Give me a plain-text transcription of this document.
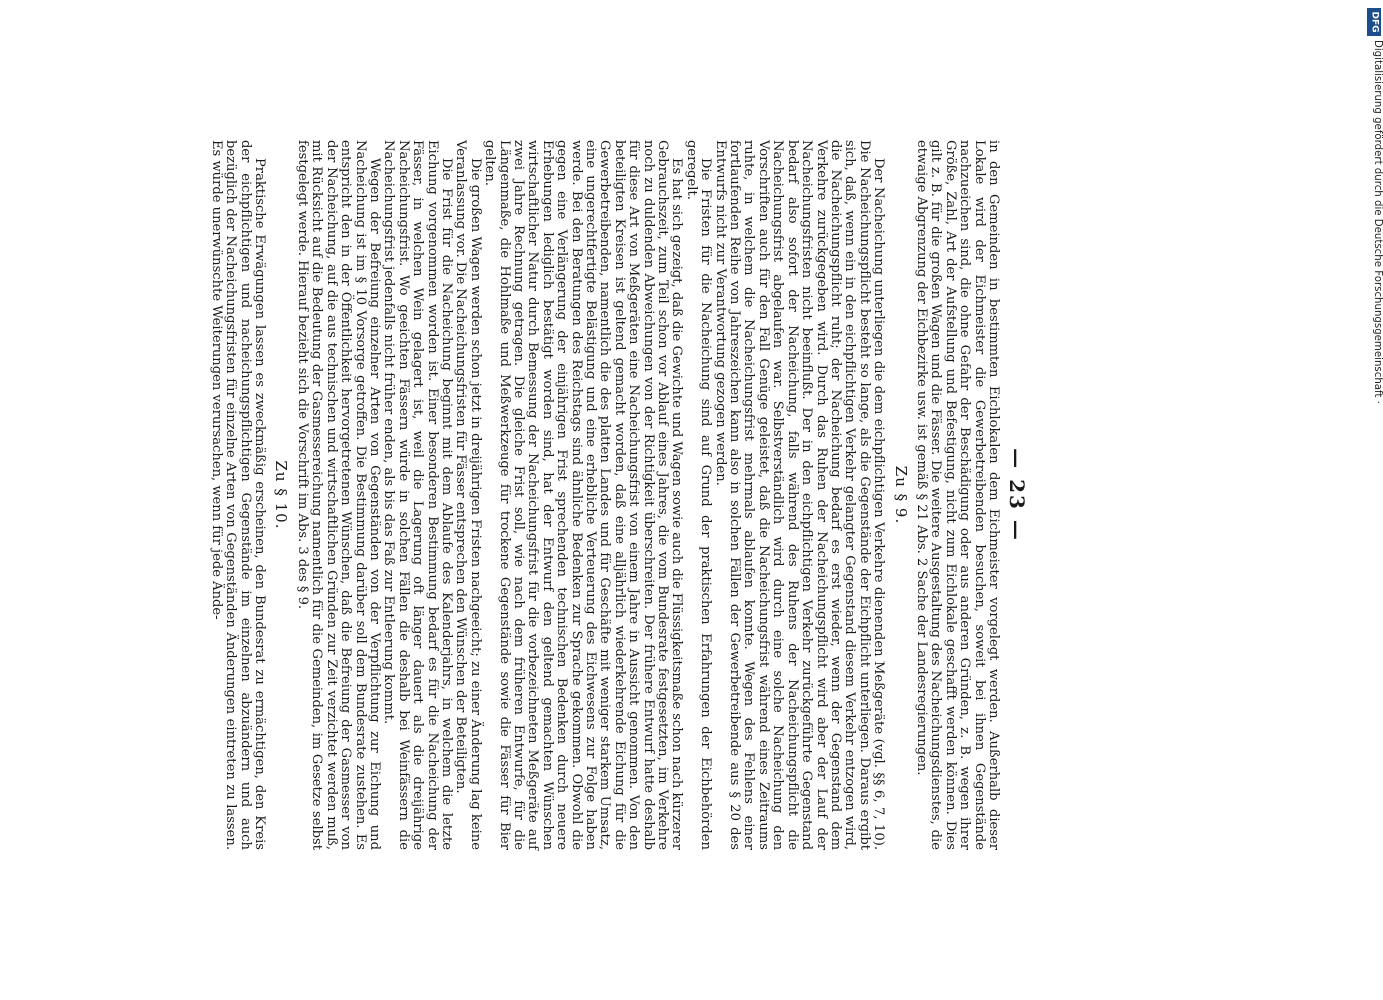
— 23 —

in den Gemeinden in bestimmten Eichlokalen dem Eichmeister vorgelegt werden. Außerhalb dieser Lokale wird der Eichmeister die Gewerbetreibenden besuchen, soweit bei ihnen Gegenstände nachzueichen sind, die ohne Gefahr der Beschädigung oder aus anderen Gründen, z. B. wegen ihrer Größe, Zahl, Art der Aufstellung und Befestigung, nicht zum Eichlokale geschafft werden können. Dies gilt z. B. für die großen Wagen und die Fässer. Die weitere Ausgestaltung des Nacheichungsdienstes, die etwaige Abgrenzung der Eichbezirke usw. ist gemäß § 21 Abs. 2 Sache der Landesregierungen.

Zu § 9.

Der Nacheichung unterliegen die dem eichpflichtigen Verkehre dienenden Meßgeräte (vgl. §§ 6, 7, 10). Die Nacheichungspflicht besteht so lange, als die Gegenstände der Eichpflicht unterliegen. Daraus ergibt sich, daß, wenn ein in den eichpflichtigen Verkehr gelangter Gegenstand diesem Verkehr entzogen wird, die Nacheichungspflicht ruht; der Nacheichung bedarf es erst wieder, wenn der Gegenstand dem Verkehre zurückgegeben wird. Durch das Ruhen der Nacheichungspflicht wird aber der Lauf der Nacheichungsfristen nicht beeinflußt. Der in den eichpflichtigen Verkehr zurückgeführte Gegenstand bedarf also sofort der Nacheichung, falls während des Ruhens der Nacheichungspflicht die Nacheichungsfrist abgelaufen war. Selbstverständlich wird durch eine solche Nacheichung den Vorschriften auch für den Fall Genüge geleistet, daß die Nacheichungsfrist während eines Zeitraums ruhte, in welchem die Nacheichungsfrist mehrmals ablaufen konnte. Wegen des Fehlens einer fortlaufenden Reihe von Jahreszeichen kann also in solchen Fällen der Gewerbetreibende aus § 20 des Entwurfs nicht zur Verantwortung gezogen werden.

Die Fristen für die Nacheichung sind auf Grund der praktischen Erfahrungen der Eichbehörden geregelt.

Es hat sich gezeigt, daß die Gewichte und Wagen sowie auch die Flüssigkeitsmaße schon nach kürzerer Gebrauchszeit, zum Teil schon vor Ablauf eines Jahres, die vom Bundesrate festgesetzten, im Verkehre noch zu duldenden Abweichungen von der Richtigkeit überschreiten. Der frühere Entwurf hatte deshalb für diese Art von Meßgeräten eine Nacheichungsfrist von einem Jahre in Aussicht genommen. Von den beteiligten Kreisen ist geltend gemacht worden, daß eine alljährlich wiederkehrende Eichung für die Gewerbetreibenden, namentlich die des platten Landes und für Geschäfte mit weniger starkem Umsatz, eine ungerechtfertigte Belästigung und eine erhebliche Verteuerung des Eichwesens zur Folge haben werde. Bei den Beratungen des Reichstags sind ähnliche Bedenken zur Sprache gekommen. Obwohl die gegen eine Verlängerung der einjährigen Frist sprechenden technischen Bedenken durch neuere Erhebungen lediglich bestätigt worden sind, hat der Entwurf den geltend gemachten Wünschen wirtschaftlicher Natur durch Bemessung der Nacheichungsfrist für die vorbezeichneten Meßgeräte auf zwei Jahre Rechnung getragen. Die gleiche Frist soll, wie nach dem früheren Entwurfe, für die Längenmaße, die Hohlmaße und Meßwerkzeuge für trockene Gegenstände sowie die Fässer für Bier gelten.

Die großen Wagen werden schon jetzt in dreijährigen Fristen nachgeeicht; zu einer Änderung lag keine Veranlassung vor. Die Nacheichungsfristen für Fässer entsprechen den Wünschen der Beteiligten.

Die Frist für die Nacheichung beginnt mit dem Ablaufe des Kalenderjahrs, in welchem die letzte Eichung vorgenommen worden ist. Einer besonderen Bestimmung bedarf es für die Nacheichung der Fässer, in welchen Wein gelagert ist, weil die Lagerung oft länger dauert als die dreijährige Nacheichungsfrist. Wo geeichten Fässern würde in solchen Fällen die deshalb bei Weinfässern die Nacheichungsfrist jedenfalls nicht früher enden, als bis das Faß zur Entleerung kommt.

Wegen der Befreiung einzelner Arten von Gegenständen von der Verpflichtung zur Eichung und Nacheichung ist im § 10 Vorsorge getroffen. Die Bestimmung darüber soll dem Bundesrate zustehen. Es entspricht den in der Öffentlichkeit hervorgetretenen Wünschen, daß die Befreiung der Gasmesser von der Nacheichung, auf die aus technischen und wirtschaftlichen Gründen zur Zeit verzichtet werden muß, mit Rücksicht auf die Bedeutung der Gasmessereichung namentlich für die Gemeinden, im Gesetze selbst festgelegt werde. Hierauf bezieht sich die Vorschrift im Abs. 3 des § 9.

Zu § 10.

Praktische Erwägungen lassen es zweckmäßig erscheinen, den Bundesrat zu ermächtigen, den Kreis der eichpflichtigen und nacheichungspflichtigen Gegenstände im einzelnen abzuändern und auch bezüglich der Nacheichungsfristen für einzelne Arten von Gegenständen Änderungen eintreten zu lassen. Es würde unerwünschte Weiterungen verursachen, wenn für jede Ände-

DFG
Digitalisierung gefördert durch die Deutsche Forschungsgemeinschaft ·
